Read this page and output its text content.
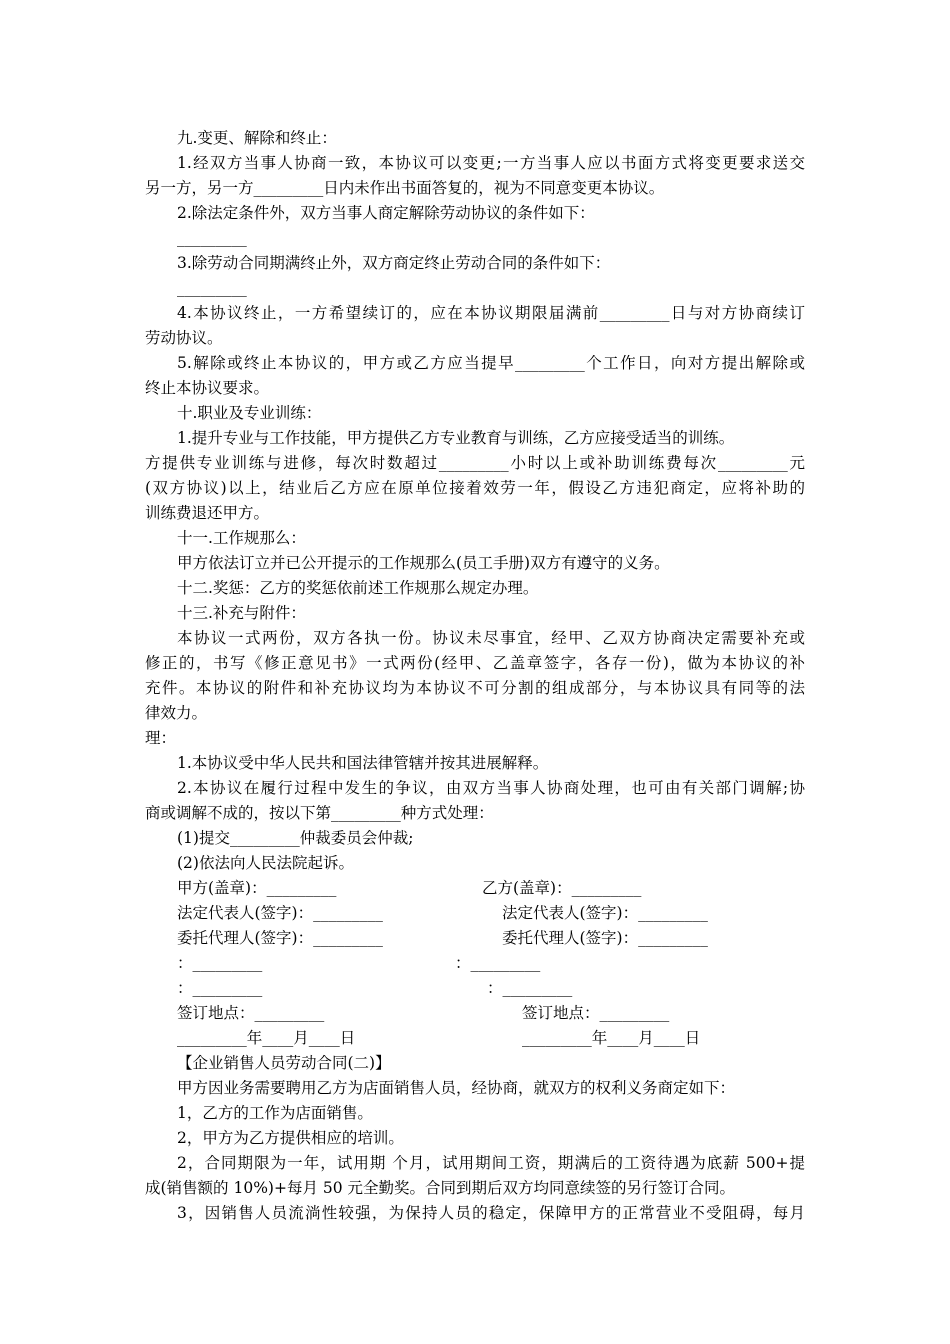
九.变更、解除和终止：
1.经双方当事人协商一致，本协议可以变更;一方当事人应以书面方式将变更要求送交
另一方，另一方_________日内未作出书面答复的，视为不同意变更本协议。
2.除法定条件外，双方当事人商定解除劳动协议的条件如下：
_________
3.除劳动合同期满终止外，双方商定终止劳动合同的条件如下：
_________
4.本协议终止，一方希望续订的，应在本协议期限届满前_________日与对方协商续订
劳动协议。
5.解除或终止本协议的，甲方或乙方应当提早_________个工作日，向对方提出解除或
终止本协议要求。
十.职业及专业训练：
1.提升专业与工作技能，甲方提供乙方专业教育与训练，乙方应接受适当的训练。
方提供专业训练与进修，每次时数超过_________小时以上或补助训练费每次_________元
(双方协议)以上，结业后乙方应在原单位接着效劳一年，假设乙方违犯商定，应将补助的
训练费退还甲方。
十一.工作规那么：
甲方依法订立并已公开提示的工作规那么(员工手册)双方有遵守的义务。
十二.奖惩：乙方的奖惩依前述工作规那么规定办理。
十三.补充与附件：
本协议一式两份，双方各执一份。协议未尽事宜，经甲、乙双方协商决定需要补充或
修正的，书写《修正意见书》一式两份(经甲、乙盖章签字，各存一份)，做为本协议的补
充件。本协议的附件和补充协议均为本协议不可分割的组成部分，与本协议具有同等的法
律效力。
理：
1.本协议受中华人民共和国法律管辖并按其进展解释。
2.本协议在履行过程中发生的争议，由双方当事人协商处理，也可由有关部门调解;协
商或调解不成的，按以下第_________种方式处理：
(1)提交_________仲裁委员会仲裁;
(2)依法向人民法院起诉。
甲方(盖章)：_________	乙方(盖章)：_________
法定代表人(签字)：_________	法定代表人(签字)：_________
委托代理人(签字)：_________	委托代理人(签字)：_________
：_________	：_________
：_________	：_________
签订地点：_________	签订地点：_________
_________年____月____日	_________年____月____日
【企业销售人员劳动合同(二)】
甲方因业务需要聘用乙方为店面销售人员，经协商，就双方的权利义务商定如下：
1，乙方的工作为店面销售。
2，甲方为乙方提供相应的培训。
2，合同期限为一年，试用期 个月，试用期间工资，期满后的工资待遇为底薪 500+提
成(销售额的 10%)+每月 50 元全勤奖。合同到期后双方均同意续签的另行签订合同。
3，因销售人员流淌性较强，为保持人员的稳定，保障甲方的正常营业不受阻碍，每月
